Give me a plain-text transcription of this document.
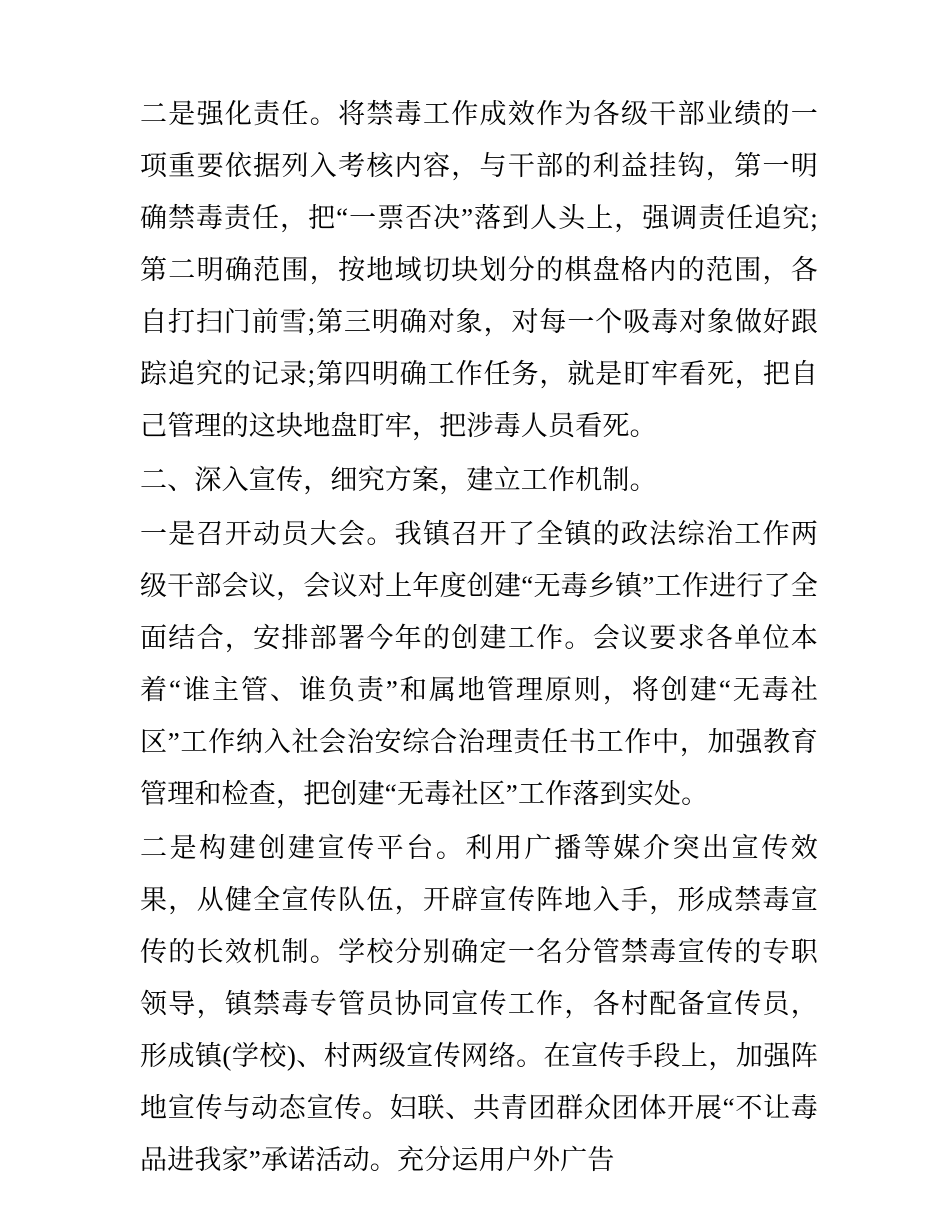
二是强化责任。将禁毒工作成效作为各级干部业绩的一项重要依据列入考核内容，与干部的利益挂钩，第一明确禁毒责任，把“一票否决”落到人头上，强调责任追究;第二明确范围，按地域切块划分的棋盘格内的范围，各自打扫门前雪;第三明确对象，对每一个吸毒对象做好跟踪追究的记录;第四明确工作任务，就是盯牢看死，把自己管理的这块地盘盯牢，把涉毒人员看死。

二、深入宣传，细究方案，建立工作机制。

一是召开动员大会。我镇召开了全镇的政法综治工作两级干部会议，会议对上年度创建“无毒乡镇”工作进行了全面结合，安排部署今年的创建工作。会议要求各单位本着“谁主管、谁负责”和属地管理原则，将创建“无毒社区”工作纳入社会治安综合治理责任书工作中，加强教育管理和检查，把创建“无毒社区”工作落到实处。

二是构建创建宣传平台。利用广播等媒介突出宣传效果，从健全宣传队伍，开辟宣传阵地入手，形成禁毒宣传的长效机制。学校分别确定一名分管禁毒宣传的专职领导，镇禁毒专管员协同宣传工作，各村配备宣传员，形成镇(学校)、村两级宣传网络。在宣传手段上，加强阵地宣传与动态宣传。妇联、共青团群众团体开展“不让毒品进我家”承诺活动。充分运用户外广告
